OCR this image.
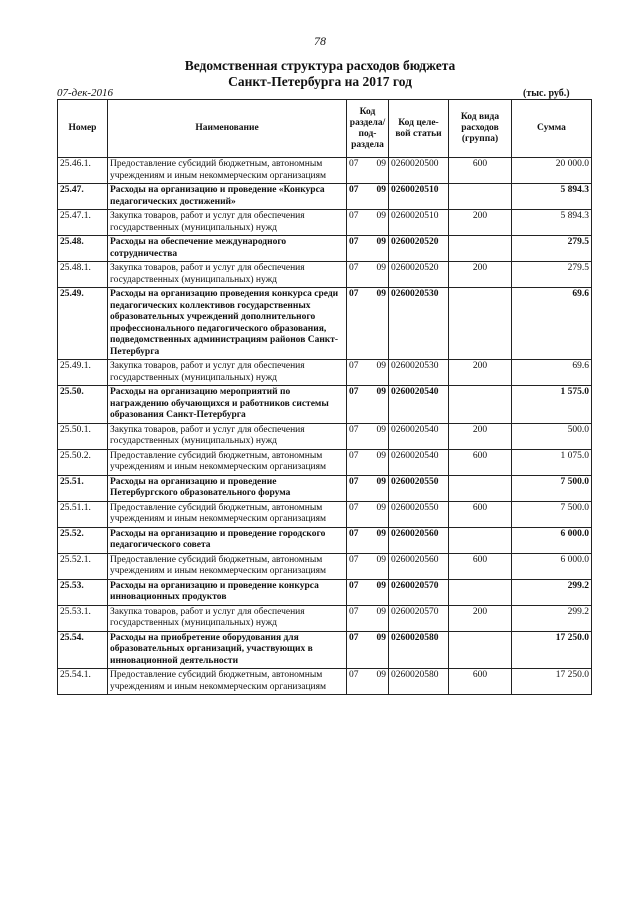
78
Ведомственная структура расходов бюджета
Санкт-Петербурга на 2017 год
07-дек-2016	(тыс. руб.)
Номер	Наименование	Код раздела/ под- раздела	Код целе- вой статьи	Код вида расходов (группа)	Сумма
25.46.1.	Предоставление субсидий бюджетным, автономным учреждениям и иным некоммерческим организациям	07 09	0260020500	600	20 000.0
25.47.	Расходы на организацию и проведение «Конкурса педагогических достижений»	07 09	0260020510		5 894.3
25.47.1.	Закупка товаров, работ и услуг для обеспечения государственных (муниципальных) нужд	07 09	0260020510	200	5 894.3
25.48.	Расходы на обеспечение международного сотрудничества	07 09	0260020520		279.5
25.48.1.	Закупка товаров, работ и услуг для обеспечения государственных (муниципальных) нужд	07 09	0260020520	200	279.5
25.49.	Расходы на организацию проведения конкурса среди педагогических коллективов государственных образовательных учреждений дополнительного профессионального педагогического образования, подведомственных администрациям районов Санкт-Петербурга	07 09	0260020530		69.6
25.49.1.	Закупка товаров, работ и услуг для обеспечения государственных (муниципальных) нужд	07 09	0260020530	200	69.6
25.50.	Расходы на организацию мероприятий по награждению обучающихся и работников системы образования Санкт-Петербурга	07 09	0260020540		1 575.0
25.50.1.	Закупка товаров, работ и услуг для обеспечения государственных (муниципальных) нужд	07 09	0260020540	200	500.0
25.50.2.	Предоставление субсидий бюджетным, автономным учреждениям и иным некоммерческим организациям	07 09	0260020540	600	1 075.0
25.51.	Расходы на организацию и проведение Петербургского образовательного форума	07 09	0260020550		7 500.0
25.51.1.	Предоставление субсидий бюджетным, автономным учреждениям и иным некоммерческим организациям	07 09	0260020550	600	7 500.0
25.52.	Расходы на организацию и проведение городского педагогического совета	07 09	0260020560		6 000.0
25.52.1.	Предоставление субсидий бюджетным, автономным учреждениям и иным некоммерческим организациям	07 09	0260020560	600	6 000.0
25.53.	Расходы на организацию и проведение конкурса инновационных продуктов	07 09	0260020570		299.2
25.53.1.	Закупка товаров, работ и услуг для обеспечения государственных (муниципальных) нужд	07 09	0260020570	200	299.2
25.54.	Расходы на приобретение оборудования для образовательных организаций, участвующих в инновационной деятельности	07 09	0260020580		17 250.0
25.54.1.	Предоставление субсидий бюджетным, автономным учреждениям и иным некоммерческим организациям	07 09	0260020580	600	17 250.0
